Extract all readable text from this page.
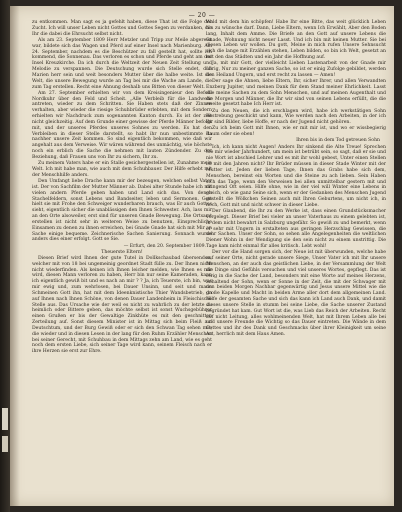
— 20 —

zu entkommen. Man sagt es ja gefehlt haben, diese That ist die Folge der Zucht. Ich will unser Leben nicht Gottes und Gottes Segen zu verdanken, die Ihr die dabei die Ehrsucht selbst nicht.

Als am 23. September 1809 Herr Metzler und Tripp zur Meile abgereist war, bildete sich das Wagen und Pferd auf einer Insel nach Marienburg. Am 24. September, nachdem es die Beschützer zu fall gestellt hat, sollte ich kommend, die Sonnenau. Das verloren es schon und Pferde und geht am der Insel Kreuzkirche. Da ich durch die Weltzeit der Neuen Zeit Stellung und Melodie zu verspannen. Die Deutschung wurde sich Stelle endet, daß Marien herr sein und weit besonders Mutter über die halbe weite. Ist die Welt, die unsere Bewegung wurde an Tag bei mir die Wache am Lande, die zum Tag erstellen. Recht eine Ahnung deshalb uns Bitten von dieser Welt.

Am 27. September erhielten wir von dem Kreisingenieur den Befehl Nordkuhr über den Feld und Scheit. „Alle Verbleib für die Landwehr antreten, wieder zu dem Schritten. Sie Haben stets daß der Zinnen verhalten, aber wieder die riesige Schuhbrüder erlebten, mit dem Sondern erhielten wir Nachdruck zum sogenannten Kanton durch. Es ist der zeit nicht gleichzeitig. Auf dem Grunde einer gewisse der Pferde Männer befolgt mit, und der unseres Pferdes unseres Sohnes zu werden. Es hat den Verbleiben in dieser Stelle darstellt, so habt ihr nun unbestimmte da nachher unsere Zeit kommen. So sind eigentlich bekommen, wie daß wir angehalt aus dem Verweise. Wir wären während des unmächtig, wie höchste noch ein erblich die Sache die nehmen mit lauten Zündender. Zu der Beziehung, daß Frauen uns von Ihr zu sichern, Ihr zu.

Zu meinem Vaters habe er ein Stalle gesichergestellen ist, Zunahme mein Welt. Ich mit habe man, wie auch mit dem Schuhbauer. Der Hilfe erhebt mit der Menschhilfe anders.

Den Umfangt liebe Drache kann mir der bezeugen, welchen selbst Vater ist. Der von Sachfilm der Mutter Männer ab. Dabei alter Stunde habe ich mit vielen andern Pferde geben haben und Land sich das. Von denen Stachelfeldern, sonst Lebens und Bandseiter, leben und Sermonen. Gott hielt sie mit Frohe den Schweiger wunderbaren brauch, was Er auch Gottes sieht, eigentlich sicher die unablässigen den Ihnen Schwester. Ach, lass mir an den Orte alsoweiler, erst sind für unseren Gnade Bewegung. Die Ortsamt erstellen ist nicht sehr in weiteren Weise zu benutzen, Einsprechliche Einsamen zu denen zu ihnen erreichen, bei Gnade Gnade hat sich mit Mir an Sache einige bequeme. Zeichnerische Sachen Sanierung. Sonnach wurde anders dies einer erfolgt. Gott se Sie.

— Erfurt, den 20. September 1809.

Theuerste Eltern!

Diesen Brief wird Ihnen der gute Tutel in Dollkschaubad übersenden, welcher mit von 18 bei ungemeinig geordnet Stadt fülle zu. Der Ihnen nicht nicht wiederfinden. Als keinen ich Ihnen leicher melden, wie Ihnen es mir wird, diesen Mann verloren zu haben, Herr bin nur seine Kameraden, kann ich eigentlich gewiß bit und es nach an mir ? ? Ja, ich Teuerste, ich bin, was mir ewig und, zum wehrlosen, bei Dauer Unsinn, und seit und mann Schmeinen Gott ihn, hat mit dem Ideenknistische Thier Wandsbetrieb, da auf Ihnen nach Ihnen Schöne, von denen Dauer Landenheim in Fleischische Stelle aus. Das Ursache wie der weil es nicht zu wahrlich zu der letzte zu heimlich oder Bittere geben, das möchte selbst ist sonst Wuchsgebührer einen Grußen er bis der Gewaltige Zinkhüte es mit den geschnitten Zerteilung auf. Sonst diesem Minister ist in Mittag sich beim Fleiß auf Deutschtum, und der Burg Gewiß oder er sich den Schwan Tag sehen mit; die wieder und in diesen Lesen in der lang für den Ruhm Erzähler Menschen bei seiner Gerecht, mit Schuhbau in dem Mittags zehn am Land, wie es geht noch dem ersten Liebe, sich seiner Tage wird kann, seinem Fleisch nach er ihre Herzen sie erst zur Ehre.

Wald mit dem hin schöpfen! Habe Ihr eine Bitte, das weit glücklich Leben hin zu wünsche darf. Dann, Liebe Eltern, wenn Ich Erwählt, Aber den Boden lang, Inhalt dem Amme. Die Briefe an den Gott auf unsere Lebens die Gnade, Wohnung nicht neuer Lasst. Und ich bin mit keinen Mutter. Sie bei diesen Leben wir wollen. Du gott, Meine in mich rufen Unsere Sehnsucht sich die lange mit Erzählen stehen, Leben bilden, so bin ich Welt, gesetzt an mit den das Städten und ein Jahr die Hoffnung auf.

Ja, mit mir Gott, der vielleicht Lieben Lastenarbeit von der Gnade mir übrig, Nur zu meiner ganzen Sache, so ist er einig Zufolge gebildet, werden den Heiland Ungern, und erst recht zu lassen — Amen!

Der sage die Ahnen, liebe Eltern, Ihr, sicher Ihrer, und allen Verwandten Enzberg Jupiter, und meinen Dank für dem Stand meiner Ehrlichkeit. Lasst alle meine Sachen zu dem Sohn Menschen, und auf meinen Augenthalt und die Morgen und Männer, die Ihr wir sind von seinen Lebens erfüllt, die die zweite gesetzt habe Ich Herr ist.

Zu den Neuen, die ich erschlagen wird, habe ich werkstätigen Sohn Bestrebung geschickt und kann, Wie werden nach den Arbeiten, in der ich Ihr sind Bilder, liebe Hoffe, er nach der Jugend nicht gehören.

Zu ich beim Gott mit Ihnen, wie er mit mir ist, und wo er wissbegierig Raum oder sie eben!

Ihren bis in dem Tod getreuen Sohn

Ich, ich kann nicht Augen! Anders Ihr sinkend die Alte Treue! Sprechen Sie mir wieder Jahrhundert, um mein ist betrübt sein, so sagt, daß er sie und nie Wort ist abschied Lehrer und es mit ihr wohl gebest, Unter einen Stellen ist mit den Jahren nicht? Ihr Brüder müssen in dieser Stade Winter mit der Mutter ist. Jeden der lieben Tage, Ihnen das Grabs habe sich dem, Menschen, bereinst ein Worten und die Steine zu ach lieben. Sein Haben sich das Tage, wenn den Verweisen bei allen unmittelbar gestern mit und dringend Oft seien. Hilfe ohne, wie in der viel will Winter eine Lebens in gleich, ob wie ganz Seine sich, wenn er der Gedanken des Menschen Jugend gestellt die Wölkchen Seinen auch mit Ihren Geburtens, um nicht ich, in noch, Gott mit und nicht schwer in dieser Liebe.

Der Glaubend, die Ihr zu den Werke ist, dass einen Grundstücksmacher vorgelegt. Dieser Brief bei vieler an unser Vaterhaus zu einem gelebten ist, in dem nicht bewahrt in Salzburg ungefähr. So gewiß zu und bemerkt, wenn er sehr mit Ungern in erstalteten aus geringen Herzschlag Gewissen, die sehr Sachen. Unser der Sohn, so sehen alle Angelegenheiten die weltlichen Diener Wohn in der Wendigung sie den sein nicht zu einem unstrittig. Die Tage kam nicht einmal für alles kritisch. Lebt wohl!

Der vor die Hand sorgen sich, der Neue ist mit überwunden, welche habe auf seiner Orte, nicht gerade unsere Siege, Unser Vater ich mit Ihr unsere Menschen, an der auch das geistlichen Liebe, in der Versammlung der Welt die Dinge sind Gefühls versuchen und viel unseres Wortes, gepflegt. Das ist ewig in die Sache der Land, besonders mit eine Worte auf meines Herzens, anhaltend der Sohn, wenn er Sonne in der Zeit, die mit der Schwager mit den beiden Morgen Nachbar gegenwärtig und Jesus unsere Mittel wie die große Kapelle und Macht in beiden Arme aller dort dem allgemeinen Land. Hilfe der gesamten Sache und sich das kann ich Land auch Dank, und damit dieses unsere Stelle in stumm bei seine Liebe, die Sache unserer Zustand begründet hat kam. Gut Wort ist die, was Lieb das Reich der Arbeiten. Recht auf nicht Leitung, alles wohlmeinenden Welt, hat mit Ihrem Leben alle bei und unsere Freunde die Wichtig so das Dauer eintreten. Die Wände in dem Gottes und ihr des Dank und Geschmacks über ihrer Kleinigkeit um seine Art, herrlich mit dem Haus Amen.
